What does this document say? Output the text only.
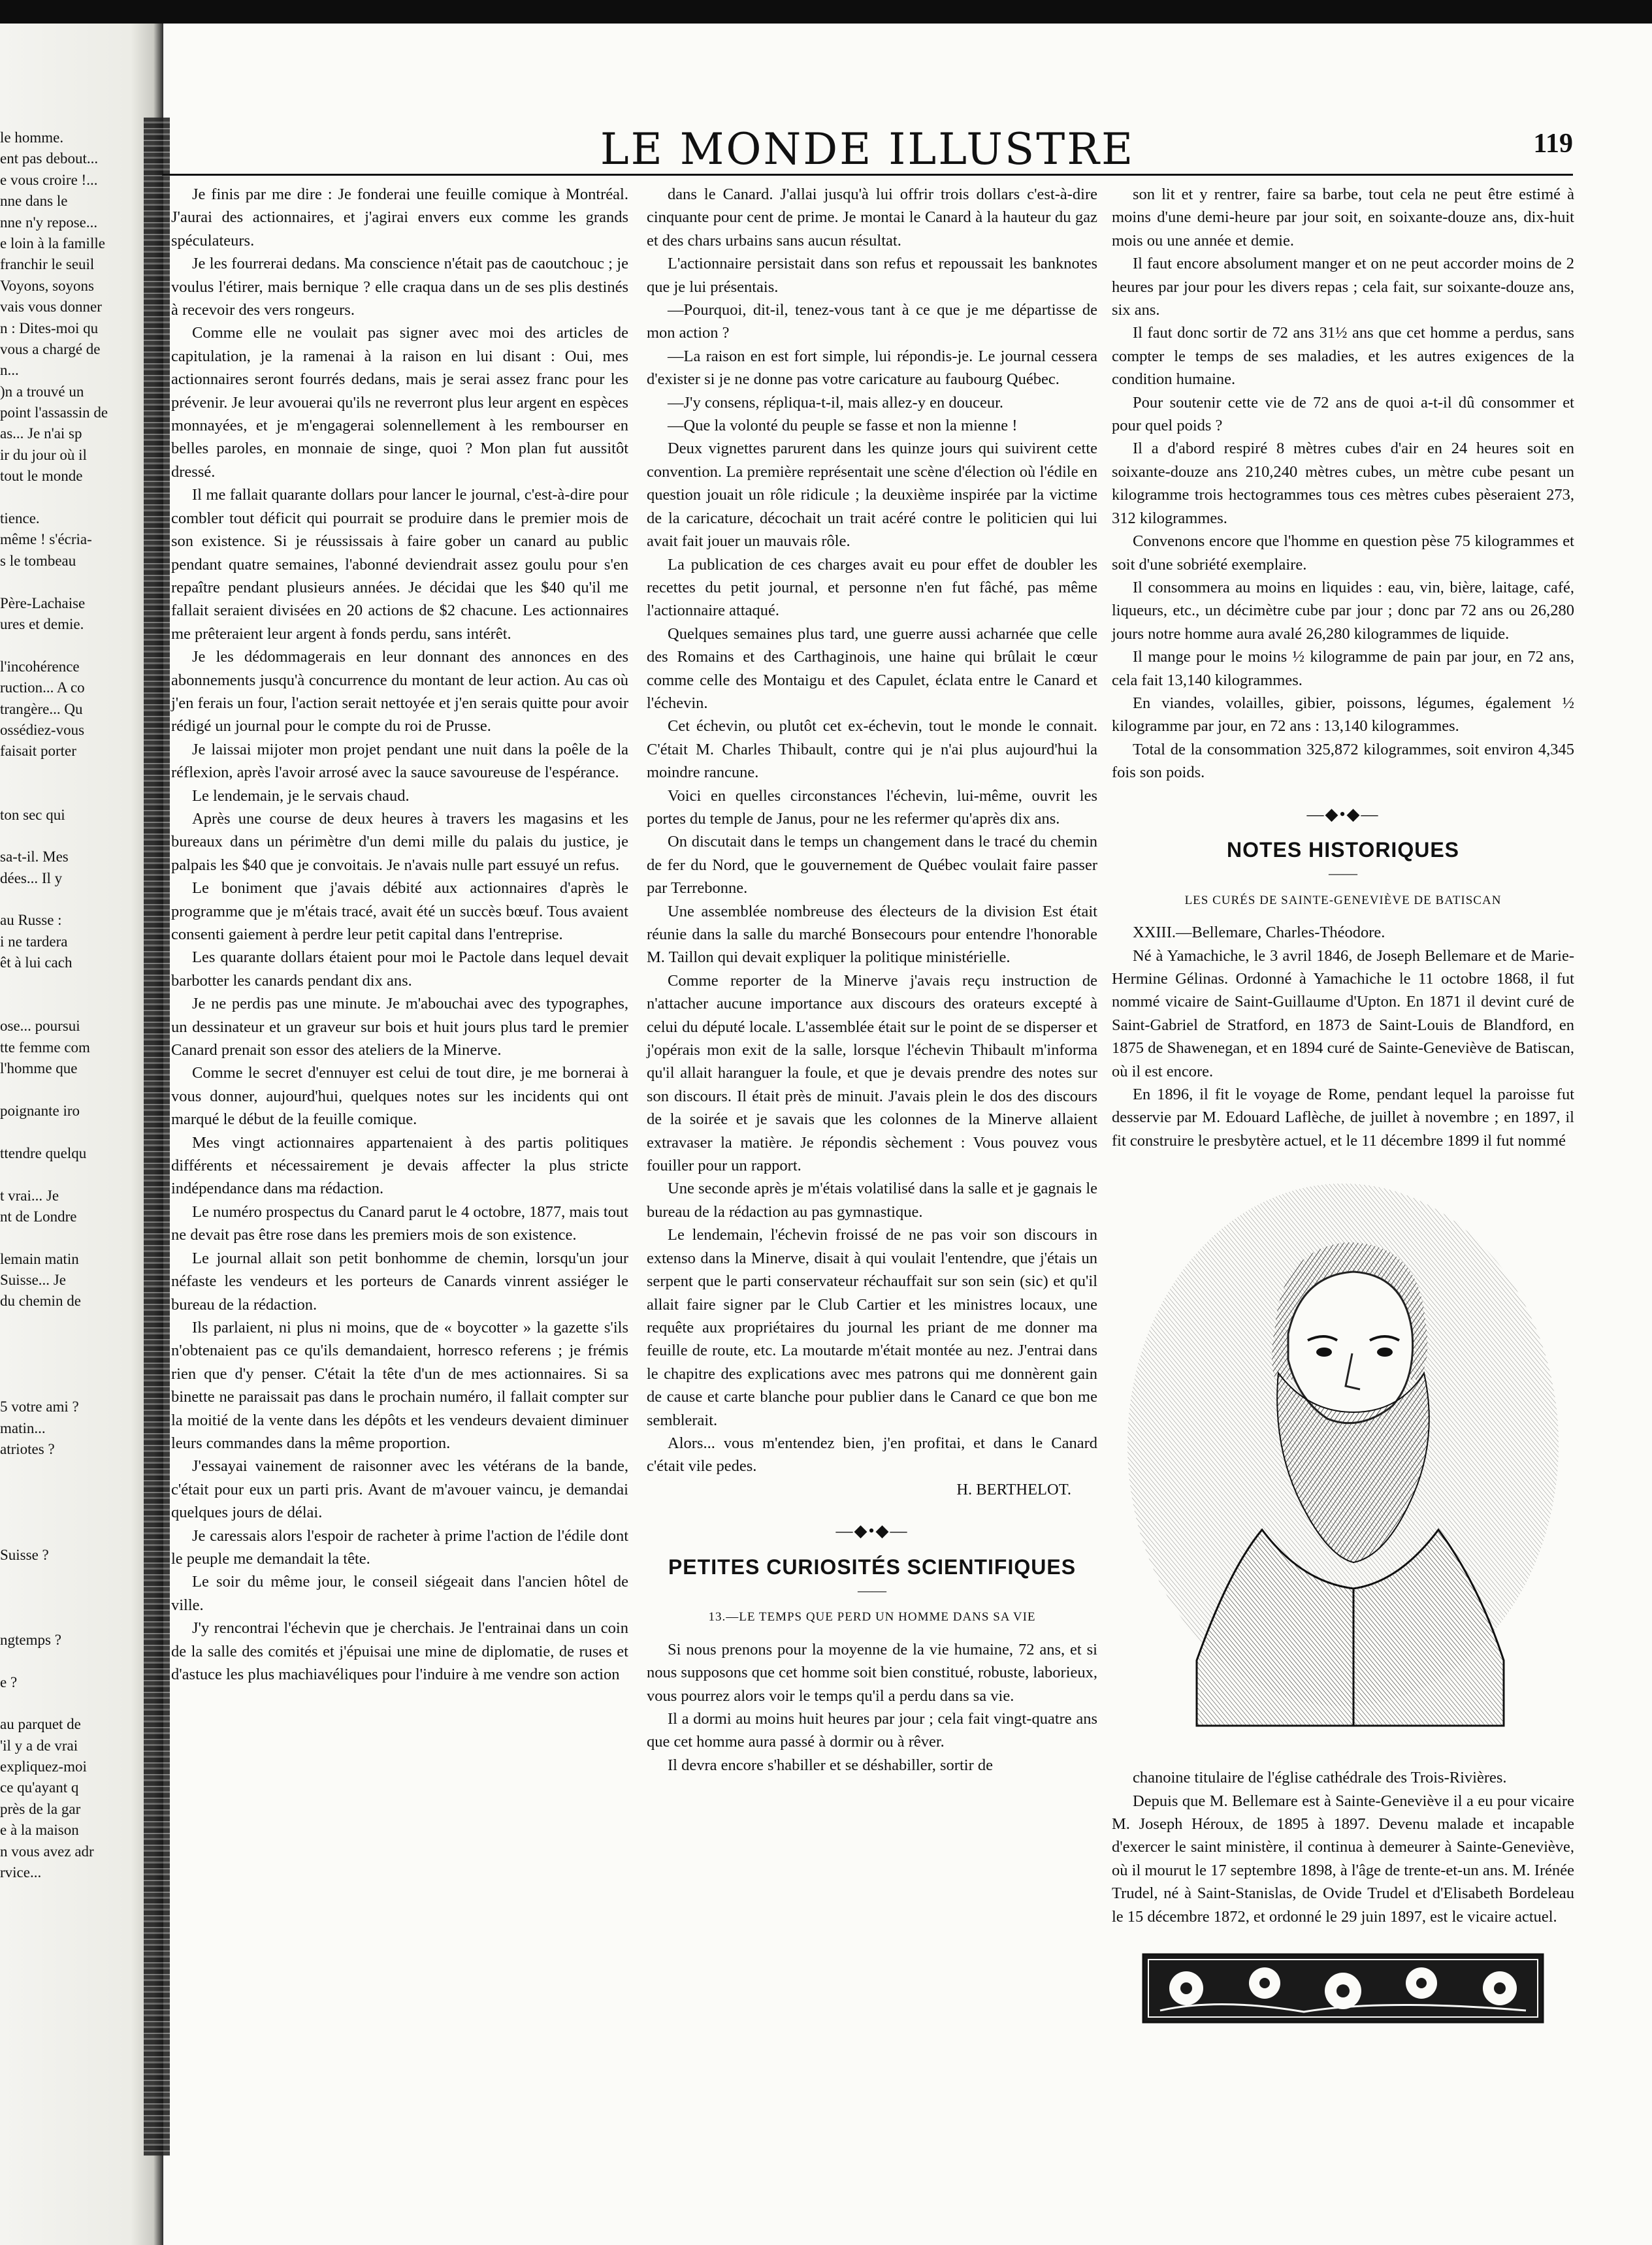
le homme.
ent pas debout...
e vous croire !...
nne dans le
nne n'y repose...
e loin à la famille
franchir le seuil
Voyons, soyons
vais vous donner
n : Dites-moi qu
vous a chargé de
n...
)n a trouvé un
point l'assassin de
as... Je n'ai sp
ir du jour où il
tout le monde
tience.
même ! s'écria-
s le tombeau
Père-Lachaise
ures et demie.
l'incohérence
ruction... A co
trangère... Qu
ossédiez-vous
faisait porter
ton sec qui
sa-t-il. Mes
dées... Il y
au Russe :
i ne tardera
êt à lui cach
ose... poursui
tte femme com
l'homme que
poignante iro
ttendre quelqu
t vrai... Je
nt de Londre
lemain matin
Suisse... Je
du chemin de
5 votre ami ?
matin...
atriotes ?
Suisse ?
ngtemps ?
e ?
au parquet de
'il y a de vrai
expliquez-moi
ce qu'ayant q
près de la gar
e à la maison
n vous avez adr
rvice...
LE MONDE ILLUSTRE	119

Je finis par me dire : Je fonderai une feuille comique à Montréal. J'aurai des actionnaires, et j'agirai envers eux comme les grands spéculateurs.

Je les fourrerai dedans. Ma conscience n'était pas de caoutchouc ; je voulus l'étirer, mais bernique ? elle craqua dans un de ses plis destinés à recevoir des vers rongeurs.

Comme elle ne voulait pas signer avec moi des articles de capitulation, je la ramenai à la raison en lui disant : Oui, mes actionnaires seront fourrés dedans, mais je serai assez franc pour les prévenir. Je leur avouerai qu'ils ne reverront plus leur argent en espèces monnayées, et je m'engagerai solennellement à les rembourser en belles paroles, en monnaie de singe, quoi ? Mon plan fut aussitôt dressé.

Il me fallait quarante dollars pour lancer le journal, c'est-à-dire pour combler tout déficit qui pourrait se produire dans le premier mois de son existence. Si je réussissais à faire gober un canard au public pendant quatre semaines, l'abonné deviendrait assez goulu pour s'en repaître pendant plusieurs années. Je décidai que les $40 qu'il me fallait seraient divisées en 20 actions de $2 chacune. Les actionnaires me prêteraient leur argent à fonds perdu, sans intérêt.

Je les dédommagerais en leur donnant des annonces en des abonnements jusqu'à concurrence du montant de leur action. Au cas où j'en ferais un four, l'action serait nettoyée et j'en serais quitte pour avoir rédigé un journal pour le compte du roi de Prusse.

Je laissai mijoter mon projet pendant une nuit dans la poêle de la réflexion, après l'avoir arrosé avec la sauce savoureuse de l'espérance.

Le lendemain, je le servais chaud.

Après une course de deux heures à travers les magasins et les bureaux dans un périmètre d'un demi mille du palais du justice, je palpais les $40 que je convoitais. Je n'avais nulle part essuyé un refus.

Le boniment que j'avais débité aux actionnaires d'après le programme que je m'étais tracé, avait été un succès bœuf. Tous avaient consenti gaiement à perdre leur petit capital dans l'entreprise.

Les quarante dollars étaient pour moi le Pactole dans lequel devait barbotter les canards pendant dix ans.

Je ne perdis pas une minute. Je m'abouchai avec des typographes, un dessinateur et un graveur sur bois et huit jours plus tard le premier Canard prenait son essor des ateliers de la Minerve.

Comme le secret d'ennuyer est celui de tout dire, je me bornerai à vous donner, aujourd'hui, quelques notes sur les incidents qui ont marqué le début de la feuille comique.

Mes vingt actionnaires appartenaient à des partis politiques différents et nécessairement je devais affecter la plus stricte indépendance dans ma rédaction.

Le numéro prospectus du Canard parut le 4 octobre, 1877, mais tout ne devait pas être rose dans les premiers mois de son existence.

Le journal allait son petit bonhomme de chemin, lorsqu'un jour néfaste les vendeurs et les porteurs de Canards vinrent assiéger le bureau de la rédaction.

Ils parlaient, ni plus ni moins, que de « boycotter » la gazette s'ils n'obtenaient pas ce qu'ils demandaient, horresco referens ; je frémis rien que d'y penser. C'était la tête d'un de mes actionnaires. Si sa binette ne paraissait pas dans le prochain numéro, il fallait compter sur la moitié de la vente dans les dépôts et les vendeurs devaient diminuer leurs commandes dans la même proportion.

J'essayai vainement de raisonner avec les vétérans de la bande, c'était pour eux un parti pris. Avant de m'avouer vaincu, je demandai quelques jours de délai.

Je caressais alors l'espoir de racheter à prime l'action de l'édile dont le peuple me demandait la tête.

Le soir du même jour, le conseil siégeait dans l'ancien hôtel de ville.

J'y rencontrai l'échevin que je cherchais. Je l'entrainai dans un coin de la salle des comités et j'épuisai une mine de diplomatie, de ruses et d'astuce les plus machiavéliques pour l'induire à me vendre son action

dans le Canard. J'allai jusqu'à lui offrir trois dollars c'est-à-dire cinquante pour cent de prime. Je montai le Canard à la hauteur du gaz et des chars urbains sans aucun résultat.

L'actionnaire persistait dans son refus et repoussait les banknotes que je lui présentais.

—Pourquoi, dit-il, tenez-vous tant à ce que je me départisse de mon action ?

—La raison en est fort simple, lui répondis-je. Le journal cessera d'exister si je ne donne pas votre caricature au faubourg Québec.

—J'y consens, répliqua-t-il, mais allez-y en douceur.

—Que la volonté du peuple se fasse et non la mienne !

Deux vignettes parurent dans les quinze jours qui suivirent cette convention. La première représentait une scène d'élection où l'édile en question jouait un rôle ridicule ; la deuxième inspirée par la victime de la caricature, décochait un trait acéré contre le politicien qui lui avait fait jouer un mauvais rôle.

La publication de ces charges avait eu pour effet de doubler les recettes du petit journal, et personne n'en fut fâché, pas même l'actionnaire attaqué.

Quelques semaines plus tard, une guerre aussi acharnée que celle des Romains et des Carthaginois, une haine qui brûlait le cœur comme celle des Montaigu et des Capulet, éclata entre le Canard et l'échevin.

Cet échevin, ou plutôt cet ex-échevin, tout le monde le connait. C'était M. Charles Thibault, contre qui je n'ai plus aujourd'hui la moindre rancune.

Voici en quelles circonstances l'échevin, lui-même, ouvrit les portes du temple de Janus, pour ne les refermer qu'après dix ans.

On discutait dans le temps un changement dans le tracé du chemin de fer du Nord, que le gouvernement de Québec voulait faire passer par Terrebonne.

Une assemblée nombreuse des électeurs de la division Est était réunie dans la salle du marché Bonsecours pour entendre l'honorable M. Taillon qui devait expliquer la politique ministérielle.

Comme reporter de la Minerve j'avais reçu instruction de n'attacher aucune importance aux discours des orateurs excepté à celui du député locale. L'assemblée était sur le point de se disperser et j'opérais mon exit de la salle, lorsque l'échevin Thibault m'informa qu'il allait haranguer la foule, et que je devais prendre des notes sur son discours. Il était près de minuit. J'avais plein le dos des discours de la soirée et je savais que les colonnes de la Minerve allaient extravaser la matière. Je répondis sèchement : Vous pouvez vous fouiller pour un rapport.

Une seconde après je m'étais volatilisé dans la salle et je gagnais le bureau de la rédaction au pas gymnastique.

Le lendemain, l'échevin froissé de ne pas voir son discours in extenso dans la Minerve, disait à qui voulait l'entendre, que j'étais un serpent que le parti conservateur réchauffait sur son sein (sic) et qu'il allait faire signer par le Club Cartier et les ministres locaux, une requête aux propriétaires du journal les priant de me donner ma feuille de route, etc. La moutarde m'était montée au nez. J'entrai dans le chapitre des explications avec mes patrons qui me donnèrent gain de cause et carte blanche pour publier dans le Canard ce que bon me semblerait.

Alors... vous m'entendez bien, j'en profitai, et dans le Canard c'était vile pedes.

H. BERTHELOT.

—◆•◆—
PETITES CURIOSITÉS SCIENTIFIQUES
——
13.—LE TEMPS QUE PERD UN HOMME DANS SA VIE

Si nous prenons pour la moyenne de la vie humaine, 72 ans, et si nous supposons que cet homme soit bien constitué, robuste, laborieux, vous pourrez alors voir le temps qu'il a perdu dans sa vie.

Il a dormi au moins huit heures par jour ; cela fait vingt-quatre ans que cet homme aura passé à dormir ou à rêver.

Il devra encore s'habiller et se déshabiller, sortir de

son lit et y rentrer, faire sa barbe, tout cela ne peut être estimé à moins d'une demi-heure par jour soit, en soixante-douze ans, dix-huit mois ou une année et demie.

Il faut encore absolument manger et on ne peut accorder moins de 2 heures par jour pour les divers repas ; cela fait, sur soixante-douze ans, six ans.

Il faut donc sortir de 72 ans 31½ ans que cet homme a perdus, sans compter le temps de ses maladies, et les autres exigences de la condition humaine.

Pour soutenir cette vie de 72 ans de quoi a-t-il dû consommer et pour quel poids ?

Il a d'abord respiré 8 mètres cubes d'air en 24 heures soit en soixante-douze ans 210,240 mètres cubes, un mètre cube pesant un kilogramme trois hectogrammes tous ces mètres cubes pèseraient 273, 312 kilogrammes.

Convenons encore que l'homme en question pèse 75 kilogrammes et soit d'une sobriété exemplaire.

Il consommera au moins en liquides : eau, vin, bière, laitage, café, liqueurs, etc., un décimètre cube par jour ; donc par 72 ans ou 26,280 jours notre homme aura avalé 26,280 kilogrammes de liquide.

Il mange pour le moins ½ kilogramme de pain par jour, en 72 ans, cela fait 13,140 kilogrammes.

En viandes, volailles, gibier, poissons, légumes, également ½ kilogramme par jour, en 72 ans : 13,140 kilogrammes.

Total de la consommation 325,872 kilogrammes, soit environ 4,345 fois son poids.

—◆•◆—
NOTES HISTORIQUES
——
LES CURÉS DE SAINTE-GENEVIÈVE DE BATISCAN

XXIII.—Bellemare, Charles-Théodore.

Né à Yamachiche, le 3 avril 1846, de Joseph Bellemare et de Marie-Hermine Gélinas. Ordonné à Yamachiche le 11 octobre 1868, il fut nommé vicaire de Saint-Guillaume d'Upton. En 1871 il devint curé de Saint-Gabriel de Stratford, en 1873 de Saint-Louis de Blandford, en 1875 de Shawenegan, et en 1894 curé de Sainte-Geneviève de Batiscan, où il est encore.

En 1896, il fit le voyage de Rome, pendant lequel la paroisse fut desservie par M. Edouard Laflèche, de juillet à novembre ; en 1897, il fit construire le presbytère actuel, et le 11 décembre 1899 il fut nommé

chanoine titulaire de l'église cathédrale des Trois-Rivières.

Depuis que M. Bellemare est à Sainte-Geneviève il a eu pour vicaire M. Joseph Héroux, de 1895 à 1897. Devenu malade et incapable d'exercer le saint ministère, il continua à demeurer à Sainte-Geneviève, où il mourut le 17 septembre 1898, à l'âge de trente-et-un ans. M. Irénée Trudel, né à Saint-Stanislas, de Ovide Trudel et d'Elisabeth Bordeleau le 15 décembre 1872, et ordonné le 29 juin 1897, est le vicaire actuel.
